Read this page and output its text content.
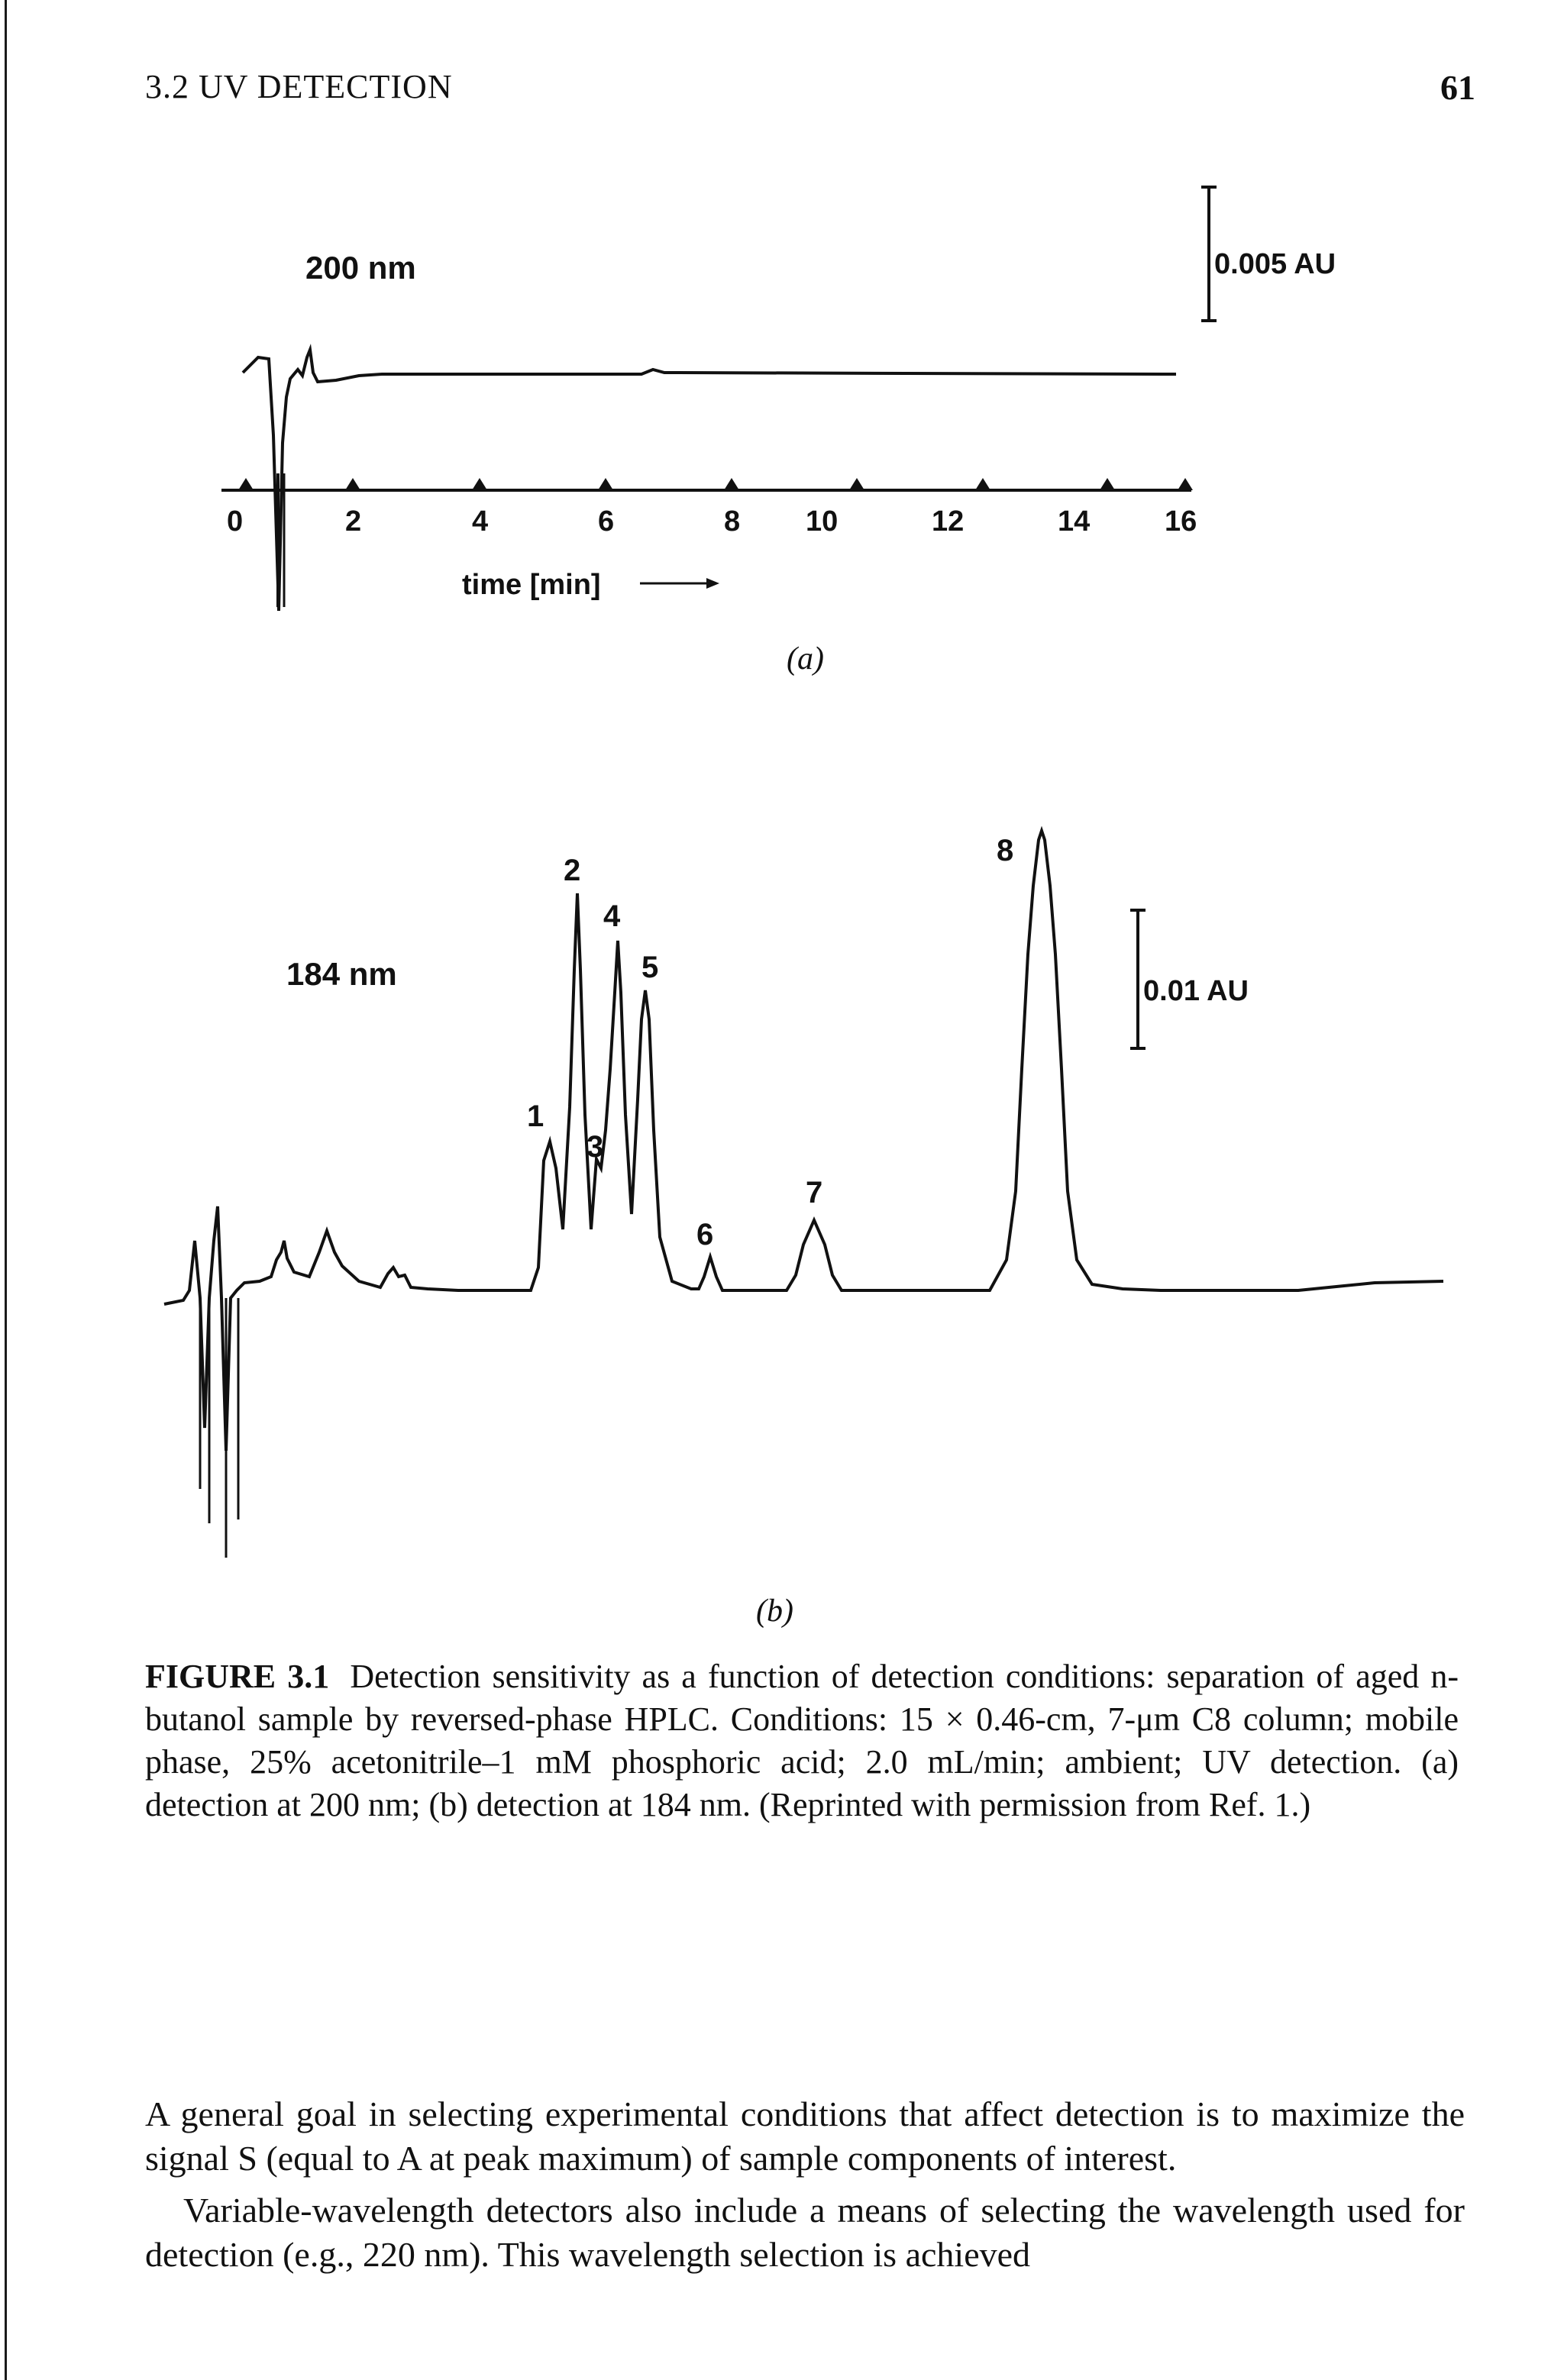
3.2 UV DETECTION	61
200 nm	0.005 AU
0	2	4	6	8 10	12	14	16
time [min]
(a)
184 nm	0.01 AU
1
2
3
4
5
6
7
8
(b)
FIGURE 3.1 Detection sensitivity as a function of detection conditions: separation of aged n-butanol sample by reversed-phase HPLC. Conditions: 15 × 0.46-cm, 7-μm C8 column; mobile phase, 25% acetonitrile–1 mM phosphoric acid; 2.0 mL/min; ambient; UV detection. (a) detection at 200 nm; (b) detection at 184 nm. (Reprinted with permission from Ref. 1.)

A general goal in selecting experimental conditions that affect detection is to maximize the signal S (equal to A at peak maximum) of sample components of interest.

Variable-wavelength detectors also include a means of selecting the wavelength used for detection (e.g., 220 nm). This wavelength selection is achieved
